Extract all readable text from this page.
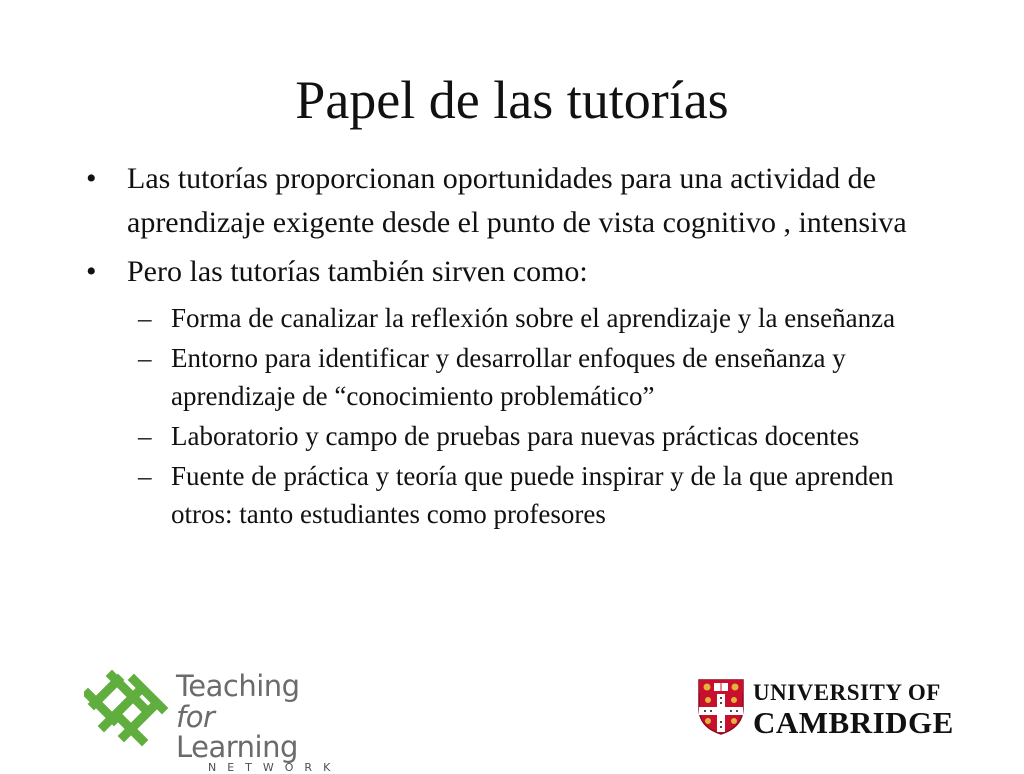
Papel de las tutorías
• Las tutorías proporcionan oportunidades para una actividad de aprendizaje exigente desde el punto de vista cognitivo , intensiva
• Pero las tutorías también sirven como:
– Forma de canalizar la reflexión sobre el aprendizaje y la enseñanza
– Entorno para identificar y desarrollar enfoques de enseñanza y aprendizaje de “conocimiento problemático”
– Laboratorio y campo de pruebas para nuevas prácticas docentes
– Fuente de práctica y teoría que puede inspirar y de la que aprenden otros: tanto estudiantes como profesores
Teaching
for Learning
NETWORK
UNIVERSITY OF
CAMBRIDGE
